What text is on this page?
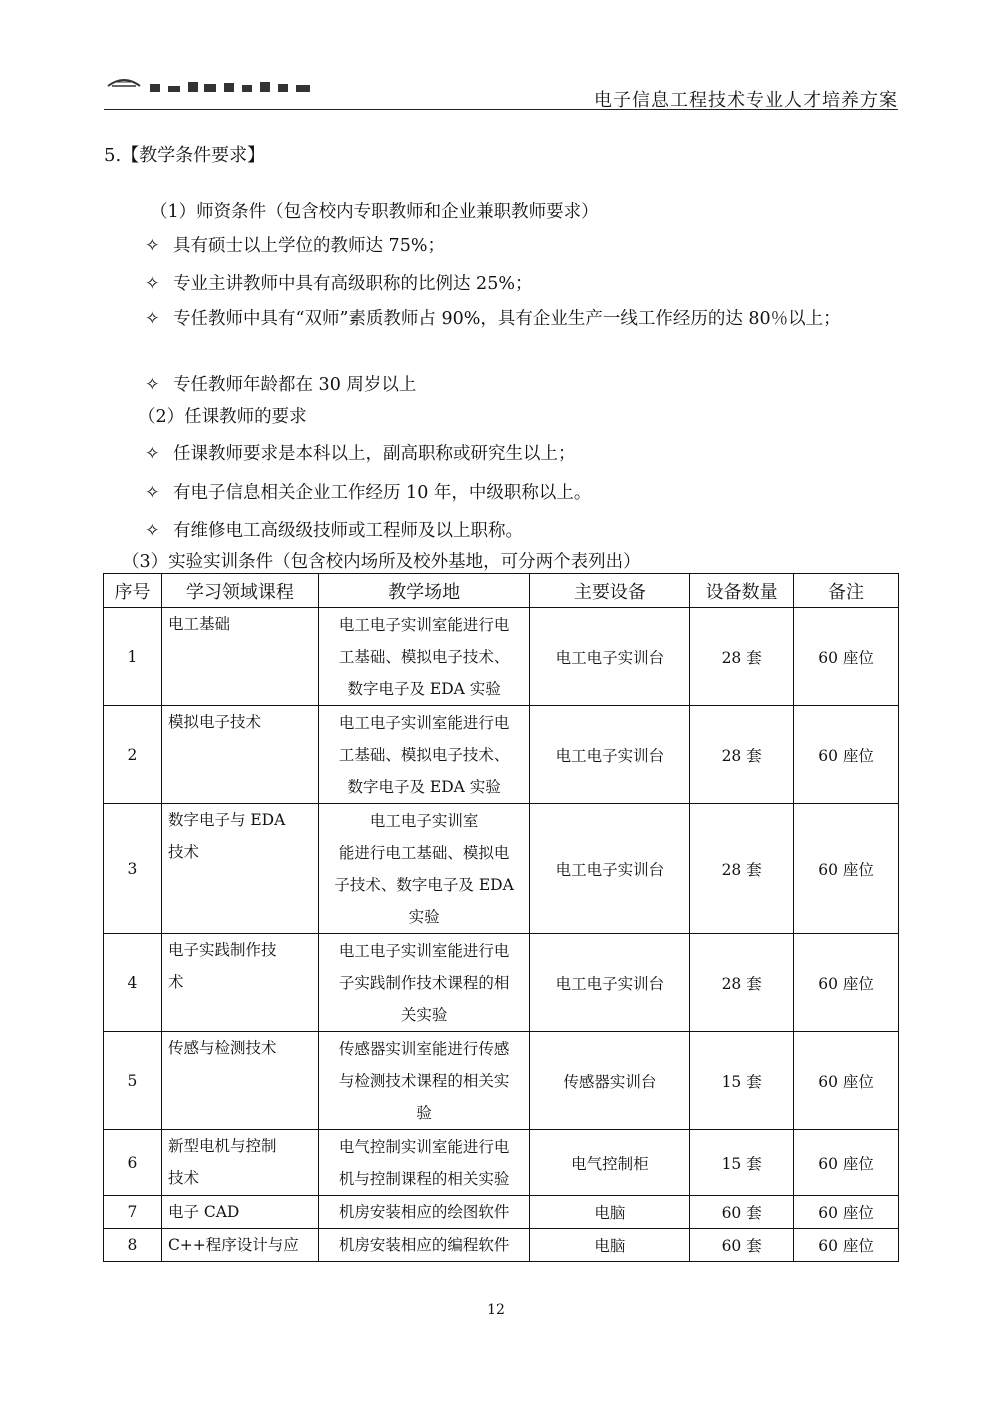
电子信息工程技术专业人才培养方案
5.【教学条件要求】
（1）师资条件（包含校内专职教师和企业兼职教师要求）
✧ 具有硕士以上学位的教师达 75%；
✧ 专业主讲教师中具有高级职称的比例达 25%；
✧ 专任教师中具有“双师”素质教师占 90%，具有企业生产一线工作经历的达 80％以上；
✧ 专任教师年龄都在 30 周岁以上
（2）任课教师的要求
✧ 任课教师要求是本科以上，副高职称或研究生以上；
✧ 有电子信息相关企业工作经历 10 年，中级职称以上。
✧ 有维修电工高级级技师或工程师及以上职称。
（3）实验实训条件（包含校内场所及校外基地，可分两个表列出）
序号	学习领域课程	教学场地	主要设备	设备数量	备注
1	电工基础	电工电子实训室能进行电
工基础、模拟电子技术、
数字电子及 EDA 实验	电工电子实训台	28 套	60 座位
2	模拟电子技术	电工电子实训室能进行电
工基础、模拟电子技术、
数字电子及 EDA 实验	电工电子实训台	28 套	60 座位
3	数字电子与 EDA
技术	电工电子实训室
能进行电工基础、模拟电
子技术、数字电子及 EDA
实验	电工电子实训台	28 套	60 座位
4	电子实践制作技
术	电工电子实训室能进行电
子实践制作技术课程的相
关实验	电工电子实训台	28 套	60 座位
5	传感与检测技术	传感器实训室能进行传感
与检测技术课程的相关实
验	传感器实训台	15 套	60 座位
6	新型电机与控制
技术	电气控制实训室能进行电
机与控制课程的相关实验	电气控制柜	15 套	60 座位
7	电子 CAD	机房安装相应的绘图软件	电脑	60 套	60 座位
8	C++程序设计与应	机房安装相应的编程软件	电脑	60 套	60 座位
12
